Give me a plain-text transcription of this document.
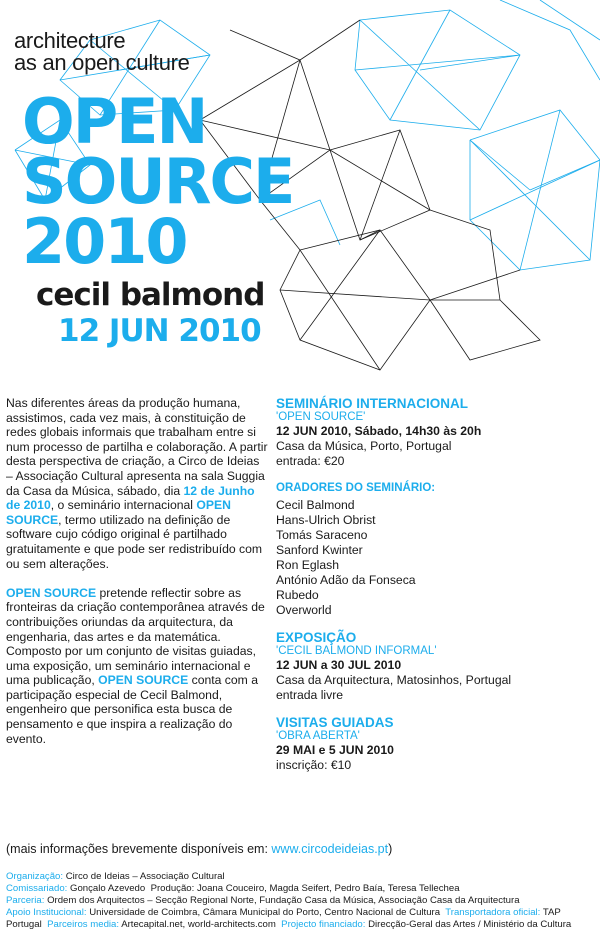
architecture
as an open culture
OPEN
SOURCE
2010
cecil balmond
12 JUN 2010

Nas diferentes áreas da produção humana, assistimos, cada vez mais, à constituição de redes globais informais que trabalham entre si num processo de partilha e colaboração. A partir desta perspectiva de criação, a Circo de Ideias – Associação Cultural apresenta na sala Suggia da Casa da Música, sábado, dia 12 de Junho de 2010, o seminário internacional OPEN SOURCE, termo utilizado na definição de software cujo código original é partilhado gratuitamente e que pode ser redistribuído com ou sem alterações.

OPEN SOURCE pretende reflectir sobre as fronteiras da criação contemporânea através de contribuições oriundas da arquitectura, da engenharia, das artes e da matemática. Composto por um conjunto de visitas guiadas, uma exposição, um seminário internacional e uma publicação, OPEN SOURCE conta com a participação especial de Cecil Balmond, engenheiro que personifica esta busca de pensamento e que inspira a realização do evento.

SEMINÁRIO INTERNACIONAL
'OPEN SOURCE'
12 JUN 2010, Sábado, 14h30 às 20h
Casa da Música, Porto, Portugal
entrada: €20
ORADORES DO SEMINÁRIO:
Cecil Balmond
Hans-Ulrich Obrist
Tomás Saraceno
Sanford Kwinter
Ron Eglash
António Adão da Fonseca
Rubedo
Overworld
EXPOSIÇÃO
'CECIL BALMOND INFORMAL'
12 JUN a 30 JUL 2010
Casa da Arquitectura, Matosinhos, Portugal
entrada livre
VISITAS GUIADAS
'OBRA ABERTA'
29 MAI e 5 JUN 2010
inscrição: €10
(mais informações brevemente disponíveis em: www.circodeideias.pt)
Organização: Circo de Ideias – Associação Cultural
Comissariado: Gonçalo Azevedo Produção: Joana Couceiro, Magda Seifert, Pedro Baía, Teresa Tellechea
Parceria: Ordem dos Arquitectos – Secção Regional Norte, Fundação Casa da Música, Associação Casa da Arquitectura
Apoio Institucional: Universidade de Coimbra, Câmara Municipal do Porto, Centro Nacional de Cultura Transportadora oficial: TAP Portugal Parceiros media: Artecapital.net, world-architects.com Projecto financiado: Direcção-Geral das Artes / Ministério da Cultura
